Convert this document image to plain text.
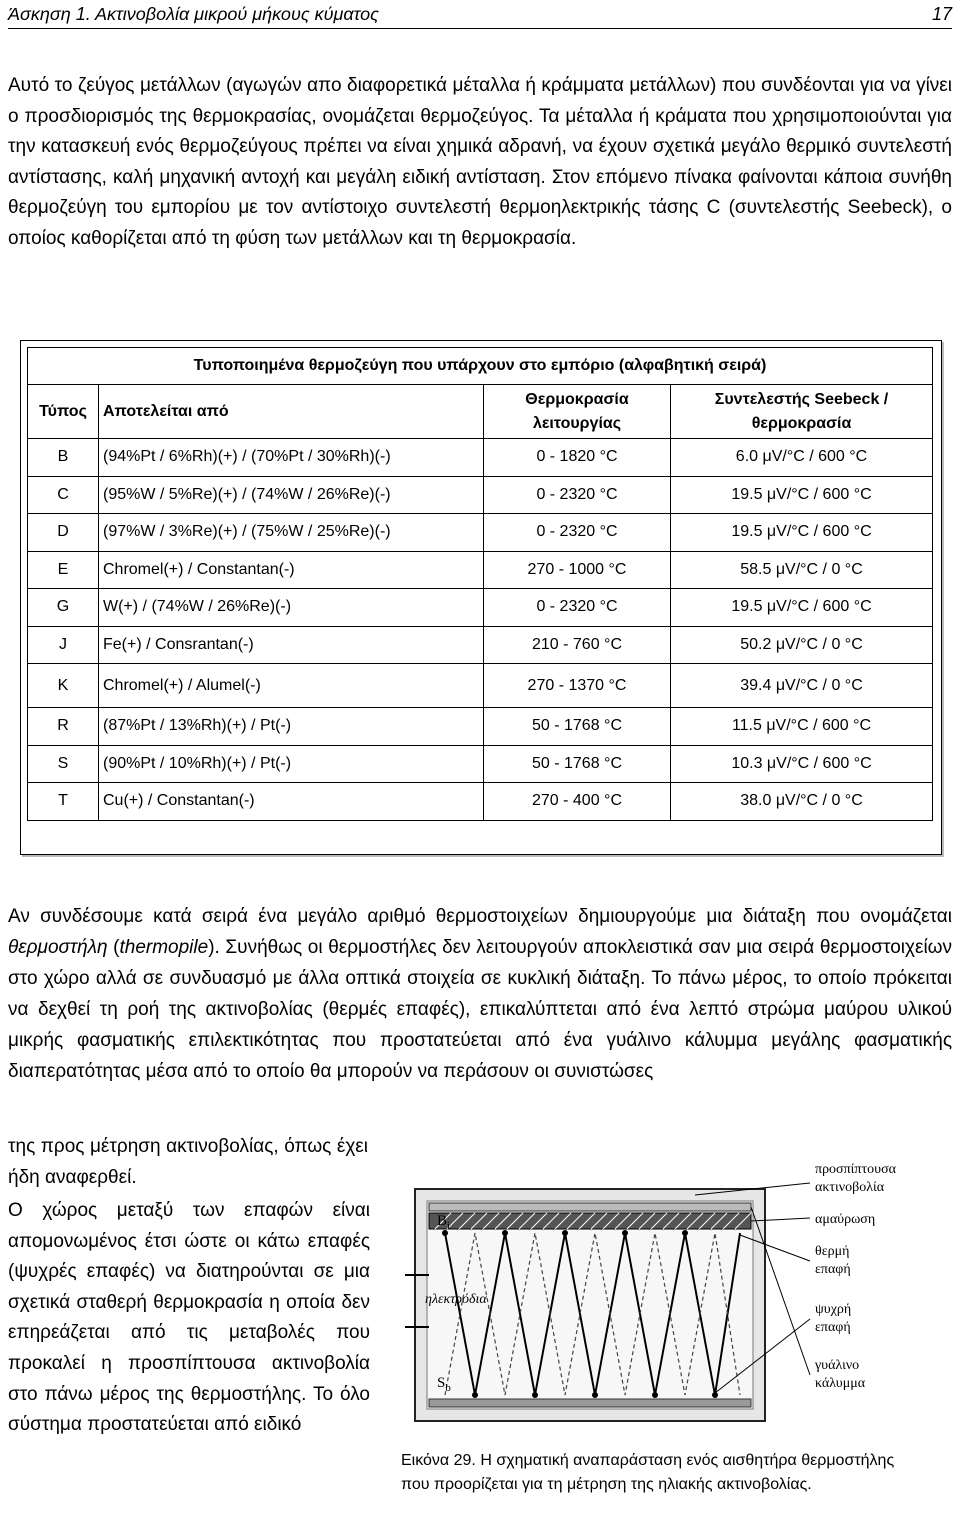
Άσκηση 1. Ακτινοβολία μικρού μήκους κύματος	17
Αυτό το ζεύγος μετάλλων (αγωγών απο διαφορετικά μέταλλα ή κράμματα μετάλλων) που συνδέονται για να γίνει ο προσδιορισμός της θερμοκρασίας, ονομάζεται θερμοζεύγος. Τα μέταλλα ή κράματα που χρησιμοποιούνται για την κατασκευή ενός θερμοζεύγους πρέπει να είναι χημικά αδρανή, να έχουν σχετικά μεγάλο θερμικό συντελεστή αντίστασης, καλή μηχανική αντοχή και μεγάλη ειδική αντίσταση. Στον επόμενο πίνακα φαίνονται κάποια συνήθη θερμοζεύγη του εμπορίου με τον αντίστοιχο συντελεστή θερμοηλεκτρικής τάσης C (συντελεστής Seebeck), ο οποίος καθορίζεται από τη φύση των μετάλλων και τη θερμοκρασία.
Τυποποιημένα θερμοζεύγη που υπάρχουν στο εμπόριο (αλφαβητική σειρά)			
Τύπος	Αποτελείται από	Θερμοκρασία λειτουργίας	Συντελεστής Seebeck / θερμοκρασία
B	(94%Pt / 6%Rh)(+) / (70%Pt / 30%Rh)(-)	0 - 1820 °C	6.0 μV/°C / 600 °C
C	(95%W / 5%Re)(+) / (74%W / 26%Re)(-)	0 - 2320 °C	19.5 μV/°C / 600 °C
D	(97%W / 3%Re)(+) / (75%W / 25%Re)(-)	0 - 2320 °C	19.5 μV/°C / 600 °C
E	Chromel(+) / Constantan(-)	270 - 1000 °C	58.5 μV/°C / 0 °C
G	W(+) / (74%W / 26%Re)(-)	0 - 2320 °C	19.5 μV/°C / 600 °C
J	Fe(+) / Consrantan(-)	210 - 760 °C	50.2 μV/°C / 0 °C
K	Chromel(+) / Alumel(-)	270 - 1370 °C	39.4 μV/°C / 0 °C
R	(87%Pt / 13%Rh)(+) / Pt(-)	50 - 1768 °C	11.5 μV/°C / 600 °C
S	(90%Pt / 10%Rh)(+) / Pt(-)	50 - 1768 °C	10.3 μV/°C / 600 °C
T	Cu(+) / Constantan(-)	270 - 400 °C	38.0 μV/°C / 0 °C
Αν συνδέσουμε κατά σειρά ένα μεγάλο αριθμό θερμοστοιχείων δημιουργούμε μια διάταξη που ονομάζεται θερμοστήλη (thermopile). Συνήθως οι θερμοστήλες δεν λειτουργούν αποκλειστικά σαν μια σειρά θερμοστοιχείων στο χώρο αλλά σε συνδυασμό με άλλα οπτικά στοιχεία σε κυκλική διάταξη. Το πάνω μέρος, το οποίο πρόκειται να δεχθεί τη ροή της ακτινοβολίας (θερμές επαφές), επικαλύπτεται από ένα λεπτό στρώμα μαύρου υλικού μικρής φασματικής επιλεκτικότητας που προστατεύεται από ένα γυάλινο κάλυμμα μεγάλης φασματικής διαπερατότητας μέσα από το οποίο θα μπορούν να περάσουν οι συνιστώσες
της προς μέτρηση ακτινοβολίας, όπως έχει ήδη αναφερθεί.
Ο χώρος μεταξύ των επαφών είναι απομονωμένος έτσι ώστε οι κάτω επαφές (ψυχρές επαφές) να διατηρούνται σε μια σχετικά σταθερή θερμοκρασία η οποία δεν επηρεάζεται από τις μεταβολές που προκαλεί η προσπίπτουσα ακτινοβολία στο πάνω μέρος της θερμοστήλης. Το όλο σύστημα προστατεύεται από ειδικό
$B_i$
ηλεκτρόδια
$S_b$
προσπίπτουσα
ακτινοβολία
αμαύρωση
θερμή
επαφή
ψυχρή
επαφή
γυάλινο
κάλυμμα
Εικόνα 29. Η σχηματική αναπαράσταση ενός αισθητήρα θερμοστήλης που προορίζεται για τη μέτρηση της ηλιακής ακτινοβολίας.
